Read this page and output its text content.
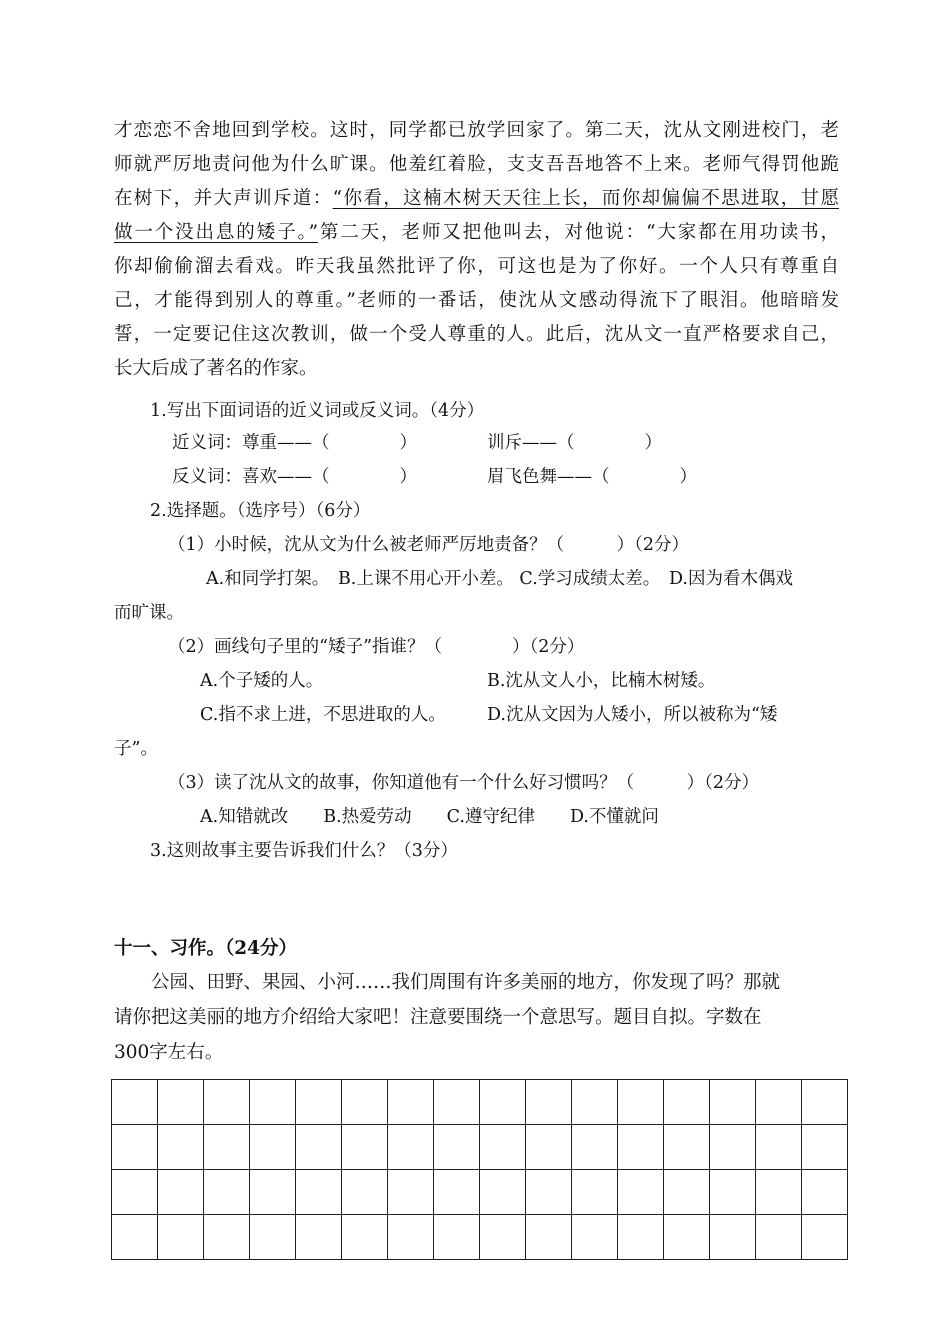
才恋恋不舍地回到学校。这时，同学都已放学回家了。第二天，沈从文刚进校门，老
师就严厉地责问他为什么旷课。他羞红着脸，支支吾吾地答不上来。老师气得罚他跪
在树下，并大声训斥道：“你看，这楠木树天天往上长，而你却偏偏不思进取，甘愿
做一个没出息的矮子。”第二天，老师又把他叫去，对他说：“大家都在用功读书，
你却偷偷溜去看戏。昨天我虽然批评了你，可这也是为了你好。一个人只有尊重自
己，才能得到别人的尊重。”老师的一番话，使沈从文感动得流下了眼泪。他暗暗发
誓，一定要记住这次教训，做一个受人尊重的人。此后，沈从文一直严格要求自己，
长大后成了著名的作家。

1.写出下面词语的近义词或反义词。（4分）

近义词：尊重——（　　　　）	训斥——（　　　　）

反义词：喜欢——（　　　　）	眉飞色舞——（　　　　）

2.选择题。（选序号）（6分）

（1）小时候，沈从文为什么被老师严厉地责备？（　　　）（2分）

A.和同学打架。　B.上课不用心开小差。 C.学习成绩太差。　D.因为看木偶戏

而旷课。

（2）画线句子里的“矮子”指谁？（　　　　）（2分）

A.个子矮的人。	B.沈从文人小，比楠木树矮。

C.指不求上进，不思进取的人。 D.沈从文因为人矮小，所以被称为“矮

子”。

（3）读了沈从文的故事，你知道他有一个什么好习惯吗？（　　　）（2分）

A.知错就改　　B.热爱劳动　　C.遵守纪律　　D.不懂就问

3.这则故事主要告诉我们什么？（3分）

十一、习作。（24分）

　　公园、田野、果园、小河……我们周围有许多美丽的地方，你发现了吗？那就
请你把这美丽的地方介绍给大家吧！注意要围绕一个意思写。题目自拟。字数在
300字左右。
